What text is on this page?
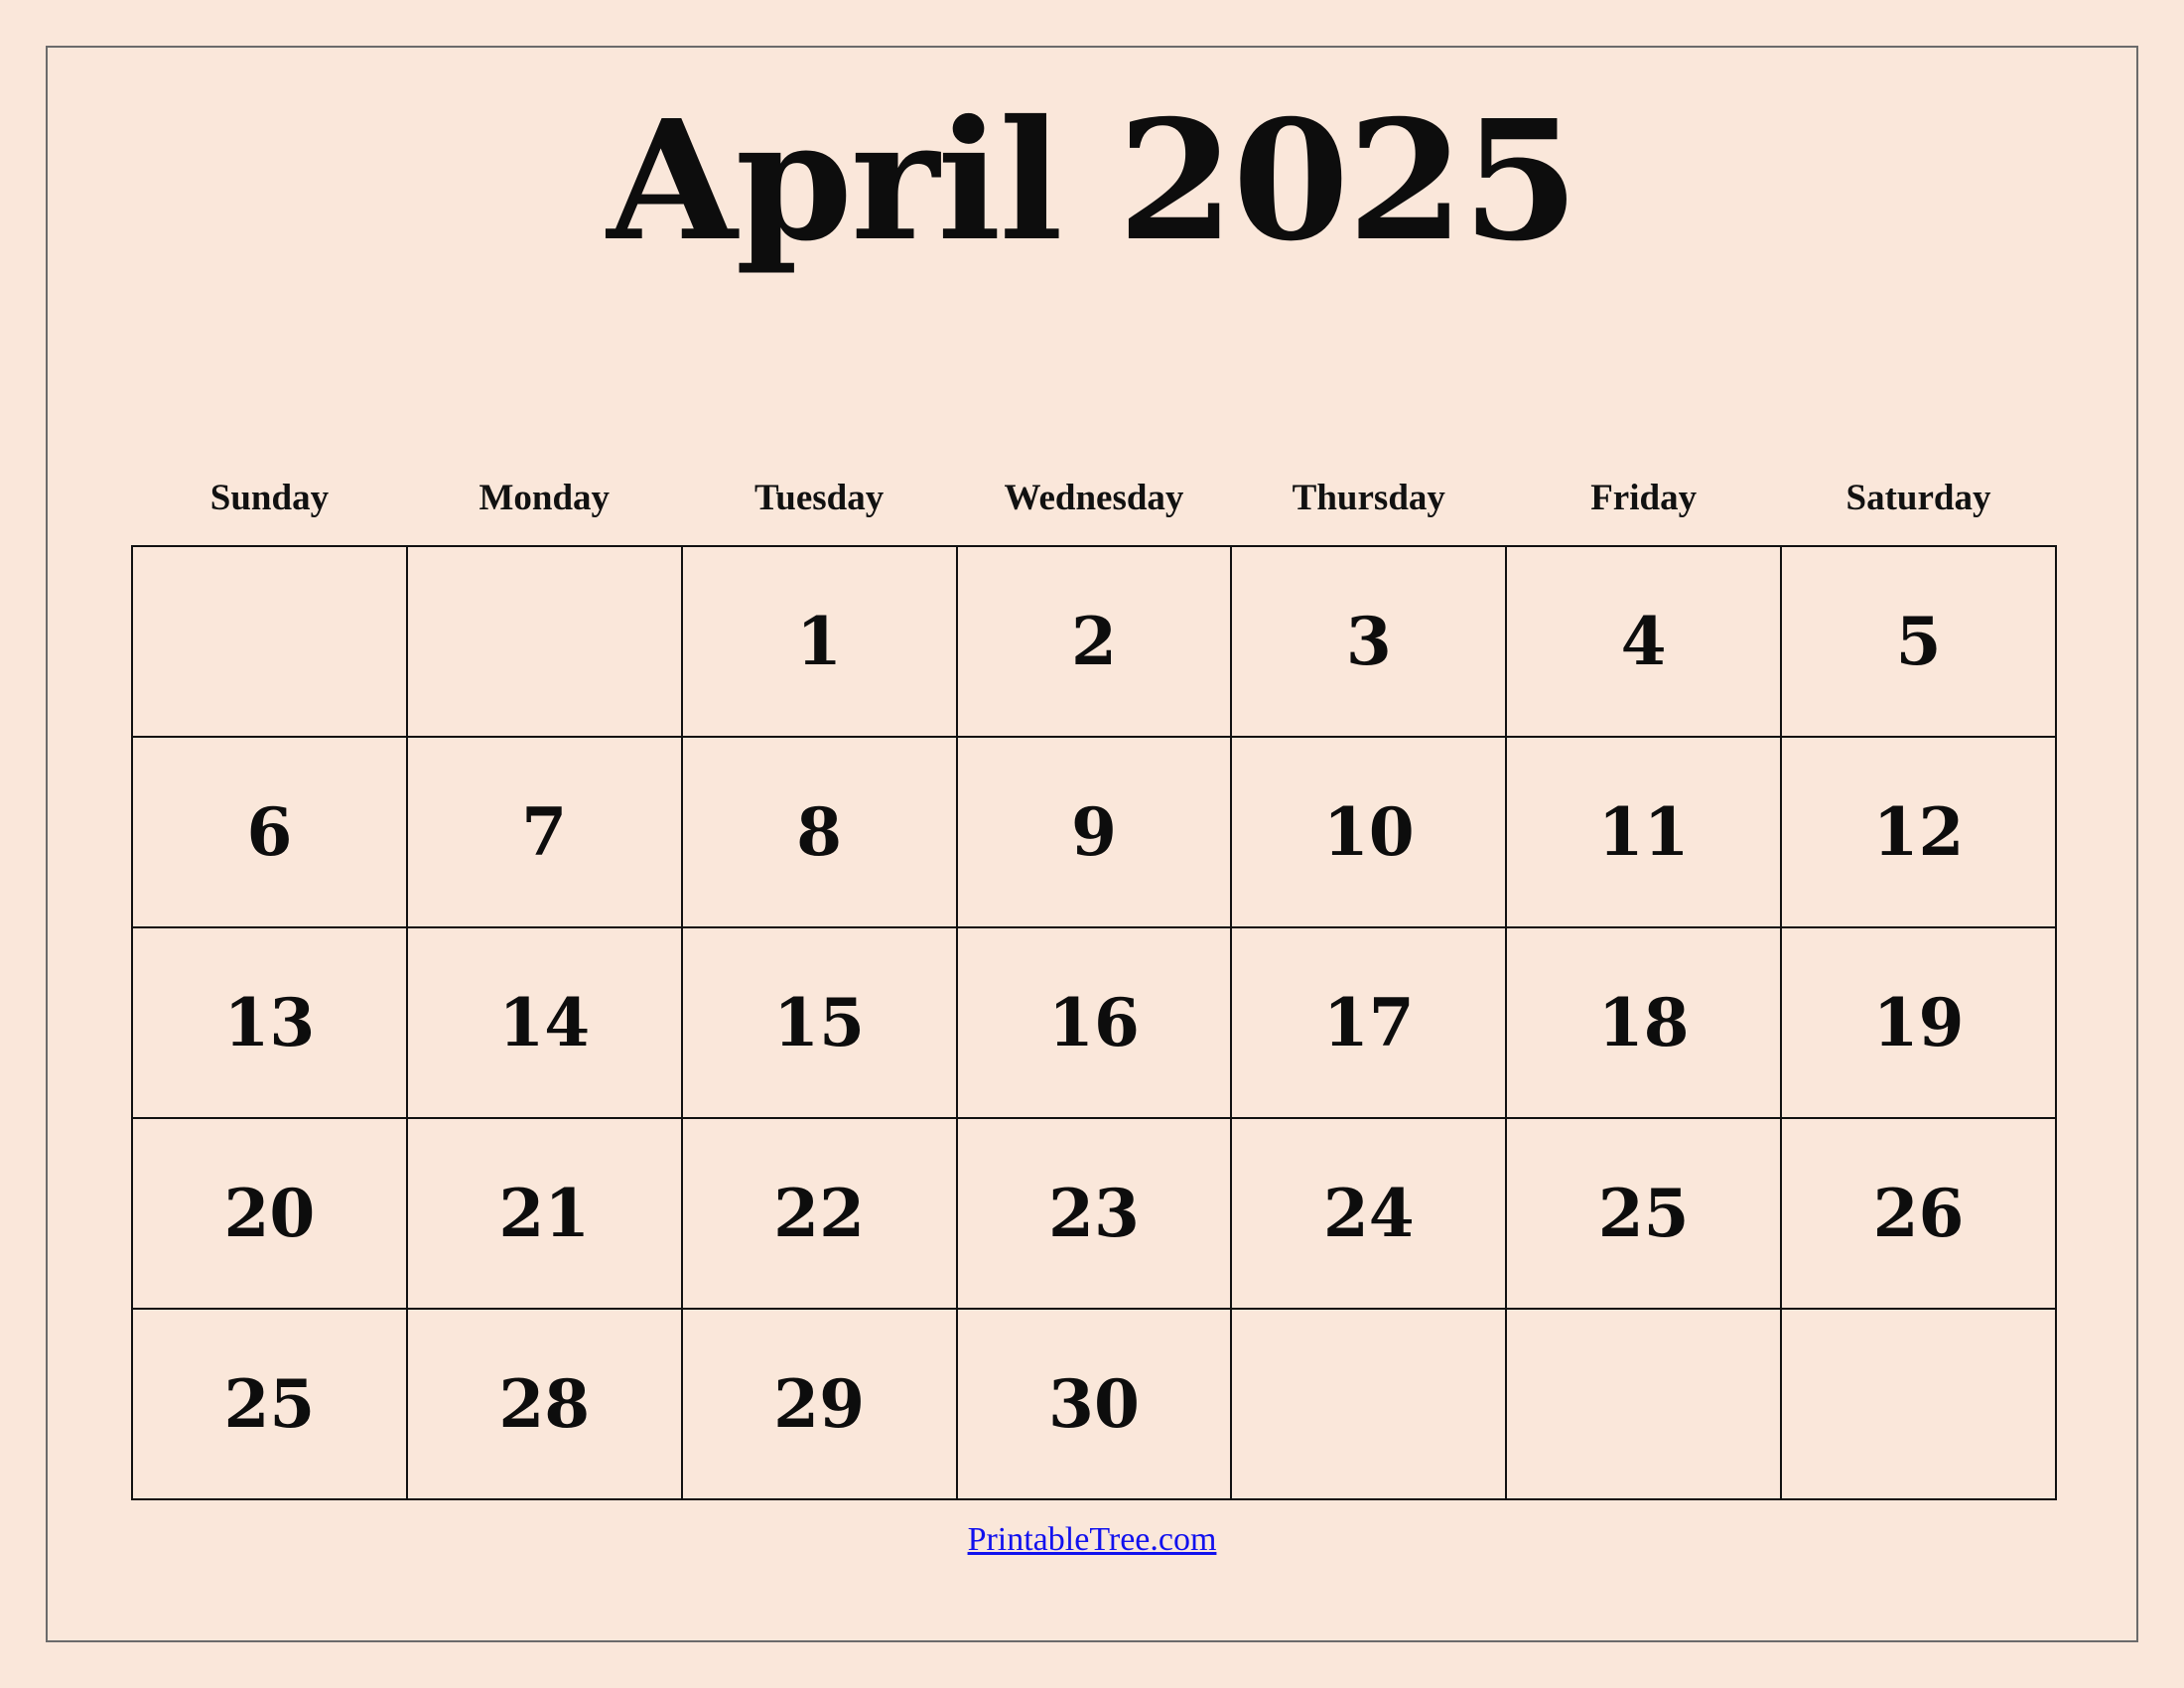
April 2025
Sunday	Monday	Tuesday	Wednesday	Thursday	Friday	Saturday

		1	2	3	4	5

6	7	8	9	10	11	12

13	14	15	16	17	18	19

20	21	22	23	24	25	26

25	28	29	30			

PrintableTree.com
